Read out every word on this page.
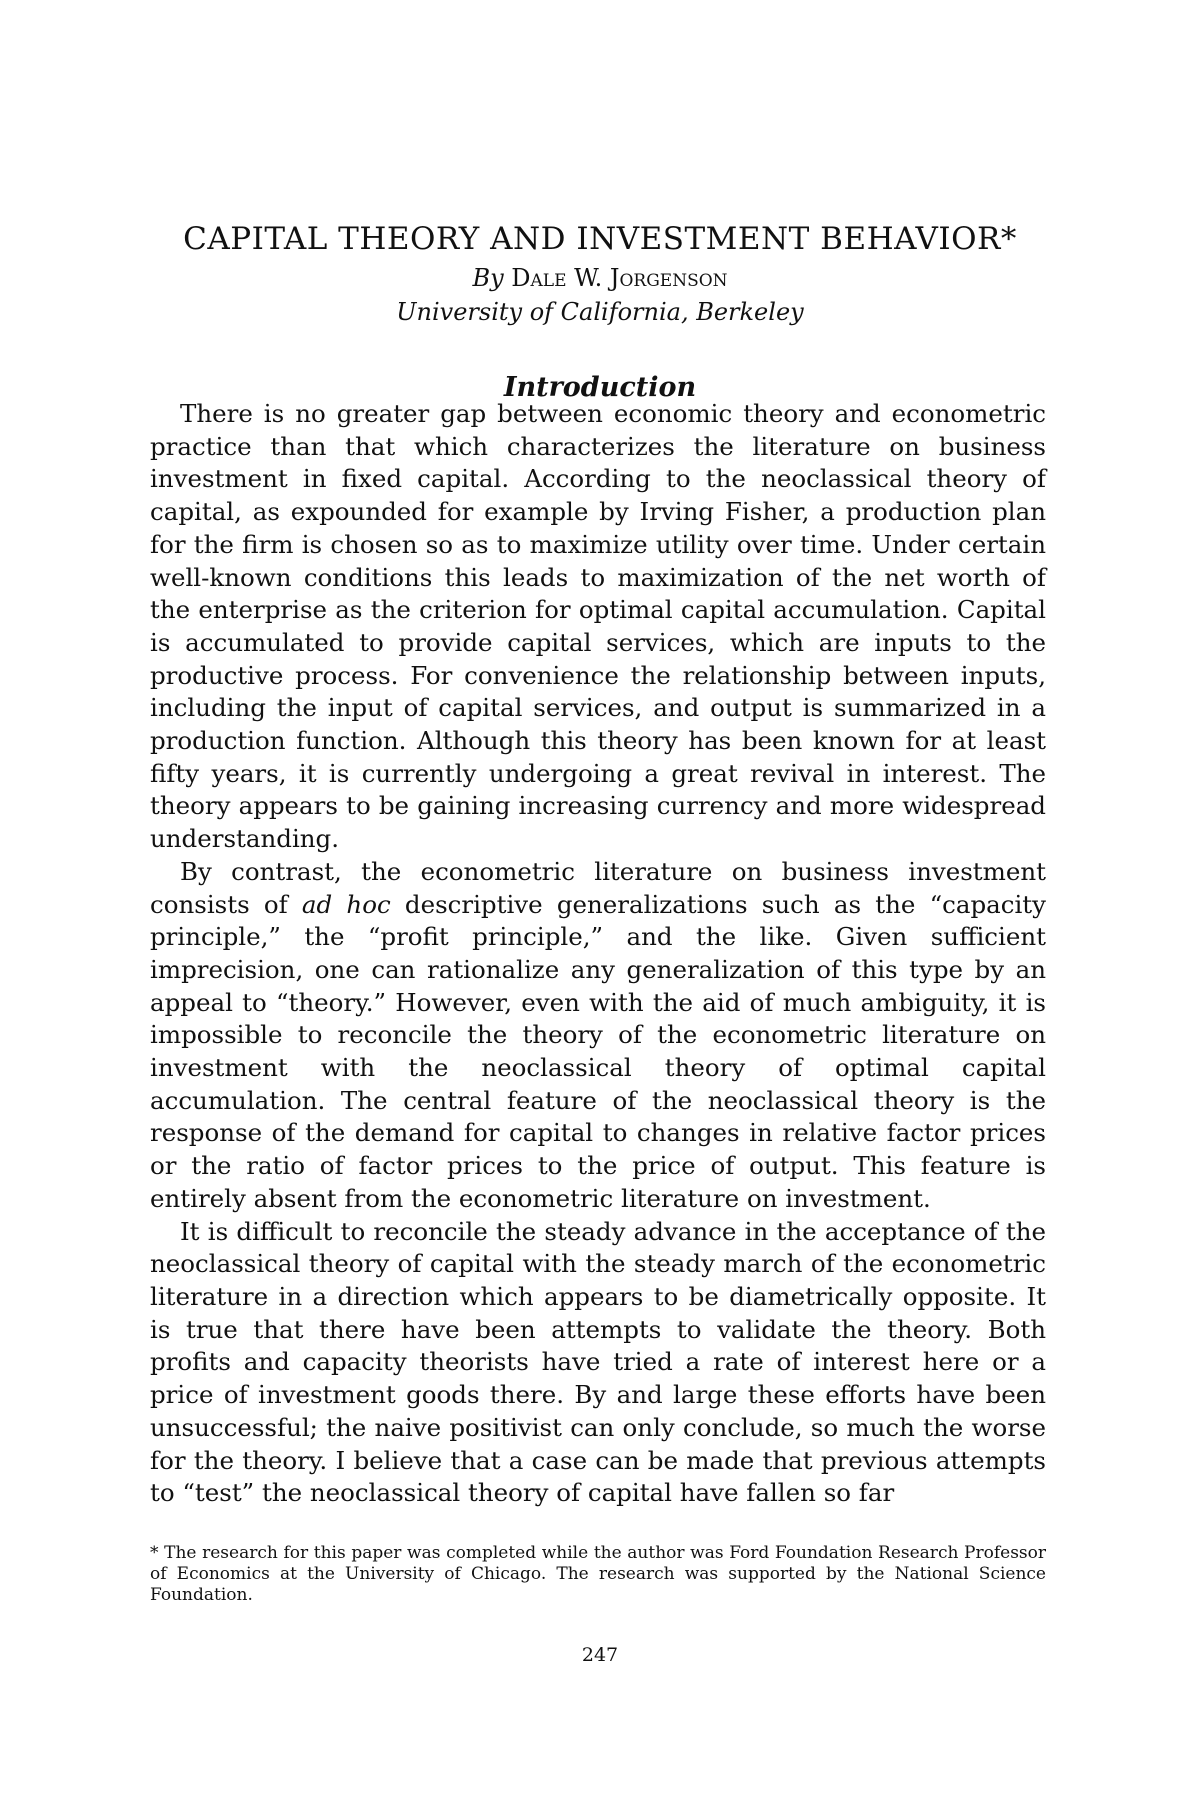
CAPITAL THEORY AND INVESTMENT BEHAVIOR*
By Dale W. Jorgenson
University of California, Berkeley
Introduction

There is no greater gap between economic theory and econometric practice than that which characterizes the literature on business investment in fixed capital. According to the neoclassical theory of capital, as expounded for example by Irving Fisher, a production plan for the firm is chosen so as to maximize utility over time. Under certain well-known conditions this leads to maximization of the net worth of the enterprise as the criterion for optimal capital accumulation. Capital is accumulated to provide capital services, which are inputs to the productive process. For convenience the relationship between inputs, including the input of capital services, and output is summarized in a production function. Although this theory has been known for at least fifty years, it is currently undergoing a great revival in interest. The theory appears to be gaining increasing currency and more widespread understanding.

By contrast, the econometric literature on business investment consists of ad hoc descriptive generalizations such as the “capacity principle,” the “profit principle,” and the like. Given sufficient imprecision, one can rationalize any generalization of this type by an appeal to “theory.” However, even with the aid of much ambiguity, it is impossible to reconcile the theory of the econometric literature on investment with the neoclassical theory of optimal capital accumulation. The central feature of the neoclassical theory is the response of the demand for capital to changes in relative factor prices or the ratio of factor prices to the price of output. This feature is entirely absent from the econometric literature on investment.

It is difficult to reconcile the steady advance in the acceptance of the neoclassical theory of capital with the steady march of the econometric literature in a direction which appears to be diametrically opposite. It is true that there have been attempts to validate the theory. Both profits and capacity theorists have tried a rate of interest here or a price of investment goods there. By and large these efforts have been unsuccessful; the naive positivist can only conclude, so much the worse for the theory. I believe that a case can be made that previous attempts to “test” the neoclassical theory of capital have fallen so far

* The research for this paper was completed while the author was Ford Foundation Research Professor of Economics at the University of Chicago. The research was supported by the National Science Foundation.
247
